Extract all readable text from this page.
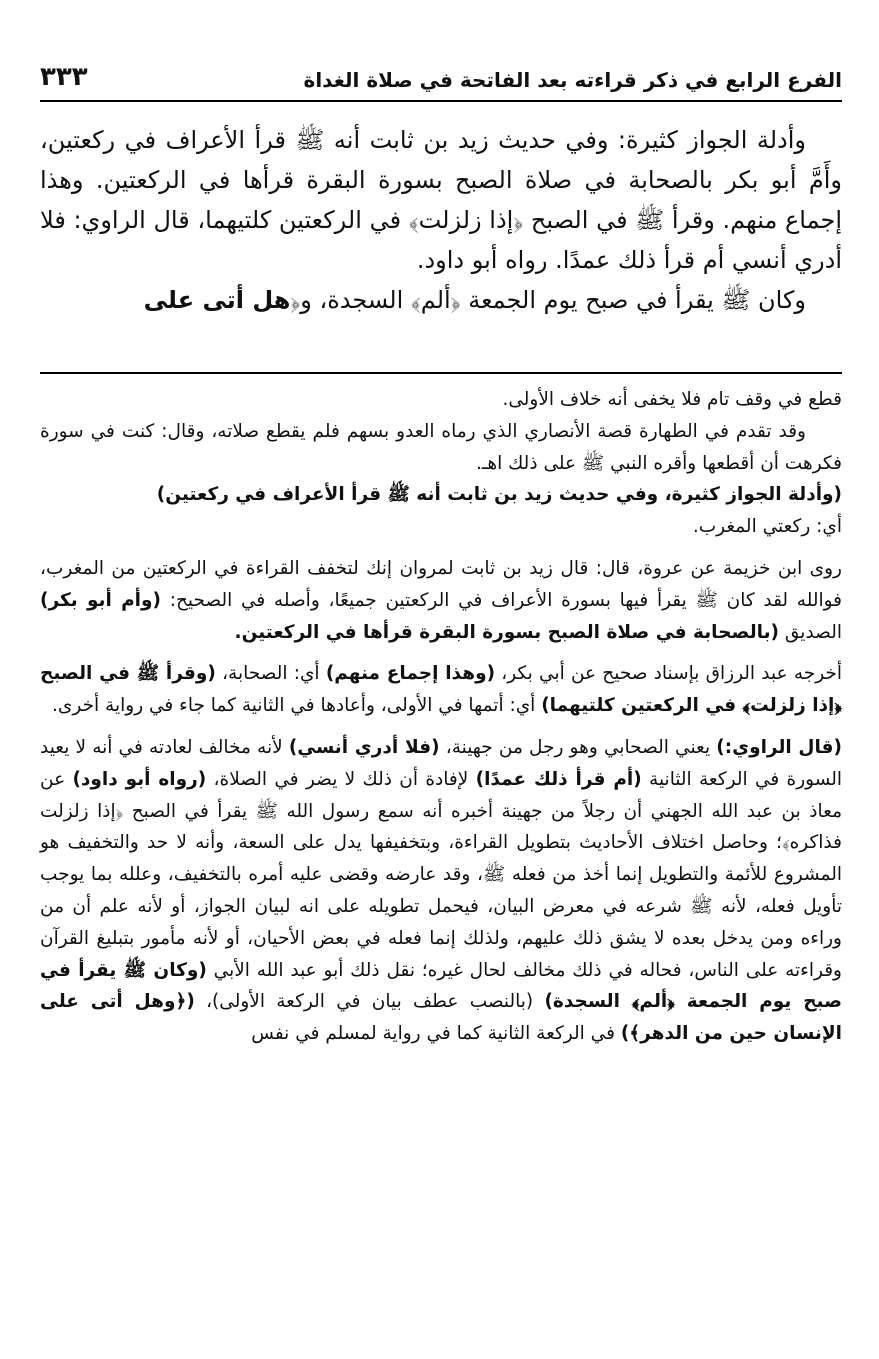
الفرع الرابع في ذكر قراءته بعد الفاتحة في صلاة الغداة
٣٣٣

وأدلة الجواز كثيرة: وفي حديث زيد بن ثابت أنه ﷺ قرأ الأعراف في ركعتين، وأَمَّ أبو بكر بالصحابة في صلاة الصبح بسورة البقرة قرأها في الركعتين. وهذا إجماع منهم. وقرأ ﷺ في الصبح ﴿إذا زلزلت﴾ في الركعتين كلتيهما، قال الراوي: فلا أدري أنسي أم قرأ ذلك عمدًا. رواه أبو داود.

وكان ﷺ يقرأ في صبح يوم الجمعة ﴿ألم﴾ السجدة، و﴿هل أتى على

قطع في وقف تام فلا يخفى أنه خلاف الأولى.

وقد تقدم في الطهارة قصة الأنصاري الذي رماه العدو بسهم فلم يقطع صلاته، وقال: كنت في سورة فكرهت أن أقطعها وأقره النبي ﷺ على ذلك اهـ.

(وأدلة الجواز كثيرة، وفي حديث زيد بن ثابت أنه ﷺ قرأ الأعراف في ركعتين)
أي: ركعتي المغرب.

روى ابن خزيمة عن عروة، قال: قال زيد بن ثابت لمروان إنك لتخفف القراءة في الركعتين من المغرب، فوالله لقد كان ﷺ يقرأ فيها بسورة الأعراف في الركعتين جميعًا، وأصله في الصحيح: (وأم أبو بكر) الصديق (بالصحابة في صلاة الصبح بسورة البقرة قرأها في الركعتين.

أخرجه عبد الرزاق بإسناد صحيح عن أبي بكر، (وهذا إجماع منهم) أي: الصحابة، (وقرأ ﷺ في الصبح ﴿إذا زلزلت﴾ في الركعتين كلتيهما) أي: أتمها في الأولى، وأعادها في الثانية كما جاء في رواية أخرى.

(قال الراوي:) يعني الصحابي وهو رجل من جهينة، (فلا أدري أنسي) لأنه مخالف لعادته في أنه لا يعيد السورة في الركعة الثانية (أم قرأ ذلك عمدًا) لإفادة أن ذلك لا يضر في الصلاة، (رواه أبو داود) عن معاذ بن عبد الله الجهني أن رجلاً من جهينة أخبره أنه سمع رسول الله ﷺ يقرأ في الصبح ﴿إذا زلزلت فذاكره﴾؛ وحاصل اختلاف الأحاديث بتطويل القراءة، وبتخفيفها يدل على السعة، وأنه لا حد والتخفيف هو المشروع للأئمة والتطويل إنما أخذ من فعله ﷺ، وقد عارضه وقضى عليه أمره بالتخفيف، وعلله بما يوجب تأويل فعله، لأنه ﷺ شرعه في معرض البيان، فيحمل تطويله على انه لبيان الجواز، أو لأنه علم أن من وراءه ومن يدخل بعده لا يشق ذلك عليهم، ولذلك إنما فعله في بعض الأحيان، أو لأنه مأمور بتبليغ القرآن وقراءته على الناس، فحاله في ذلك مخالف لحال غيره؛ نقل ذلك أبو عبد الله الأبي (وكان ﷺ يقرأ في صبح يوم الجمعة ﴿ألم﴾ السجدة) (بالنصب عطف بيان في الركعة الأولى)، (﴿وهل أتى على الإنسان حين من الدهر﴾) في الركعة الثانية كما في رواية لمسلم في نفس
